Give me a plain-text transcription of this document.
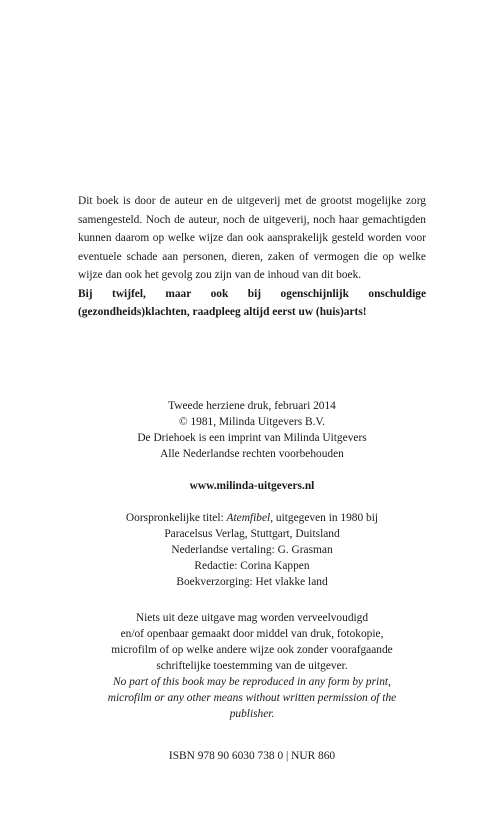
Dit boek is door de auteur en de uitgeverij met de grootst mogelijke zorg samengesteld. Noch de auteur, noch de uitgeverij, noch haar gemachtigden kunnen daarom op welke wijze dan ook aansprakelijk gesteld worden voor eventuele schade aan personen, dieren, zaken of vermogen die op welke wijze dan ook het gevolg zou zijn van de inhoud van dit boek.

Bij twijfel, maar ook bij ogenschijnlijk onschuldige (gezondheids)klachten, raadpleeg altijd eerst uw (huis)arts!

Tweede herziene druk, februari 2014

© 1981, Milinda Uitgevers B.V.

De Driehoek is een imprint van Milinda Uitgevers

Alle Nederlandse rechten voorbehouden

www.milinda-uitgevers.nl

Oorspronkelijke titel: Atemfibel, uitgegeven in 1980 bij

Paracelsus Verlag, Stuttgart, Duitsland

Nederlandse vertaling: G. Grasman

Redactie: Corina Kappen

Boekverzorging: Het vlakke land

Niets uit deze uitgave mag worden verveelvoudigd

en/of openbaar gemaakt door middel van druk, fotokopie,

microfilm of op welke andere wijze ook zonder voorafgaande

schriftelijke toestemming van de uitgever.

No part of this book may be reproduced in any form by print,

microfilm or any other means without written permission of the

publisher.

ISBN 978 90 6030 738 0 | NUR 860
